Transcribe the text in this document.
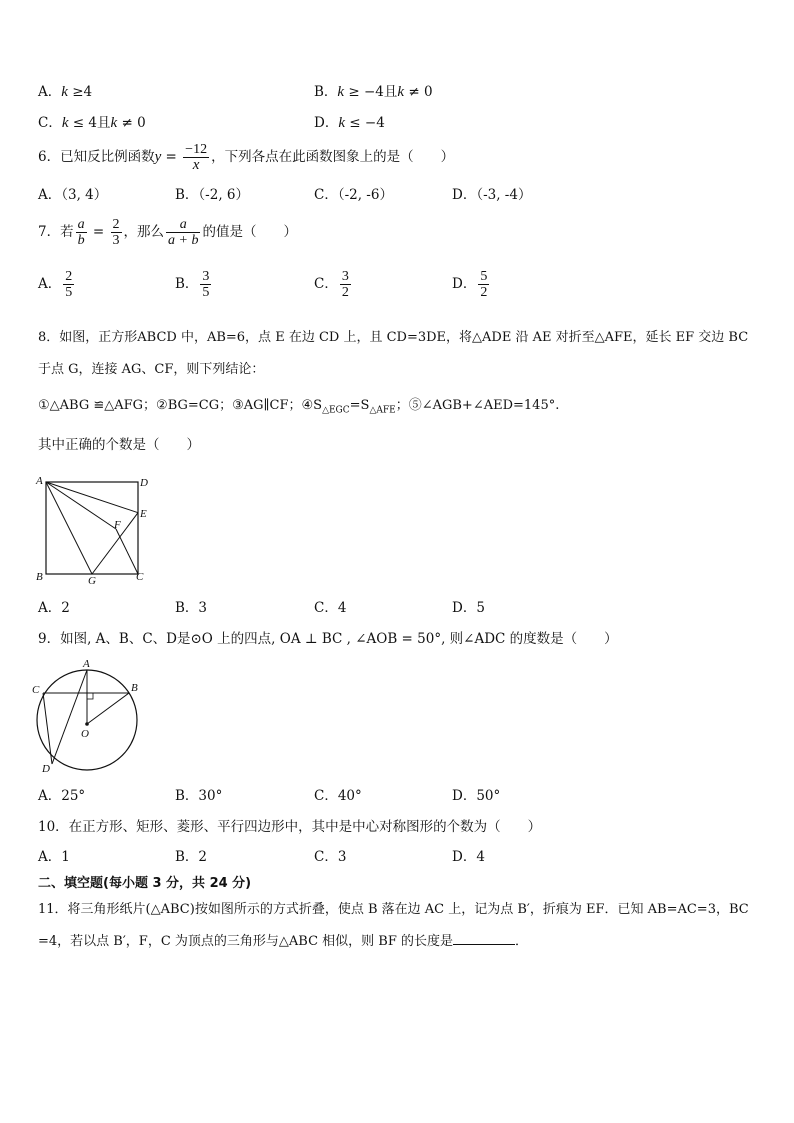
A．k ≥4	B．k ≥ −4且k ≠ 0
C．k ≤ 4且k ≠ 0	D．k ≤ −4
6．已知反比例函数$y = \frac{-12}{x}$ ，下列各点在此函数图象上的是（　　）
A．（3, 4）	B．（-2, 6）	C．（-2, -6）	D．（-3, -4）
7．若 $\frac{a}{b} = \frac{2}{3}$ ，那么 $\frac{a}{a + b}$ 的值是（　　）
A． $\frac{2}{5}$	B． $\frac{3}{5}$	C． $\frac{3}{2}$	D． $\frac{5}{2}$
8．如图，正方形ABCD 中，AB=6，点 E 在边 CD 上，且 CD=3DE，将△ADE 沿 AE 对折至△AFE，延长 EF 交边 BC
于点 G，连接 AG、CF，则下列结论：
①△ABG ≌△AFG；②BG=CG；③AG∥CF；$④S_{\triangle EGC}=S_{\triangle AFE}$；⑤∠AGB+∠AED=145°.
其中正确的个数是（　　）
A	D
E
F
B	G	C
A．2	B．3	C．4	D．5
9．如图, A、B、C、D是⊙O 上的四点, OA ⊥ BC , ∠AOB = 50°, 则∠ADC 的度数是（　　）
A
B
C
D
O
A．25°	B．30°	C．40°	D．50°
10．在正方形、矩形、菱形、平行四边形中，其中是中心对称图形的个数为（　　）
A．1	B．2	C．3	D．4
二、填空题(每小题 3 分，共 24 分)
11．将三角形纸片(△ABC)按如图所示的方式折叠，使点 B 落在边 AC 上，记为点 B′，折痕为 EF．已知 AB=AC=3，BC
=4，若以点 B′，F，C 为顶点的三角形与△ABC 相似，则 BF 的长度是	．
